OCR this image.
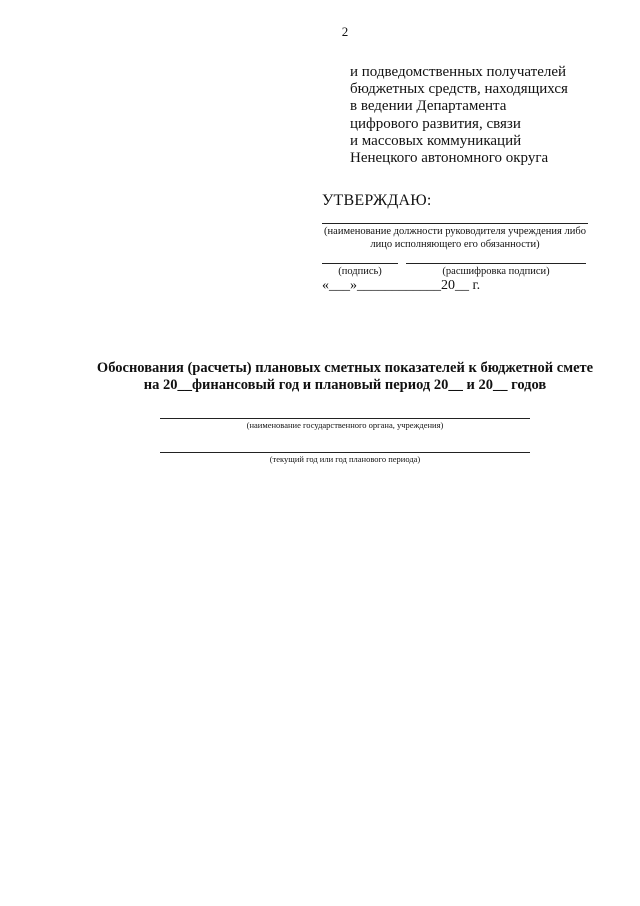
2
и подведомственных получателей
бюджетных средств, находящихся
в ведении Департамента
цифрового развития, связи
и массовых коммуникаций
Ненецкого автономного округа
УТВЕРЖДАЮ:
(наименование должности руководителя учреждения либо
лицо исполняющего его обязанности)
(подпись)	(расшифровка подписи)
«___»____________20__ г.
Обоснования (расчеты) плановых сметных показателей к бюджетной смете
на 20__финансовый год и плановый период 20__ и 20__ годов
(наименование государственного органа, учреждения)
(текущий год или год планового периода)
